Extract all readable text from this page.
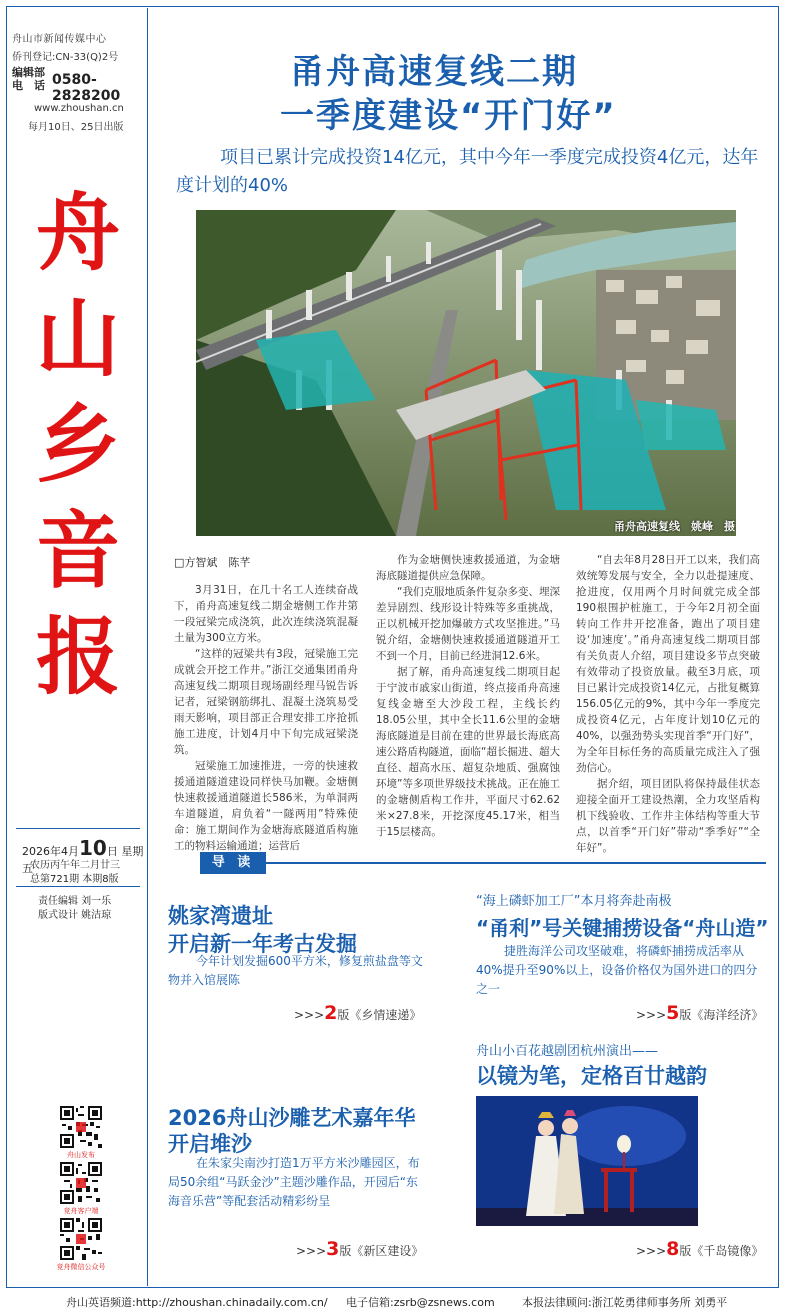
舟山市新闻传媒中心
侨刊登记:CN-33(Q)2号
编辑部
电　话 0580-2828200
www.zhoushan.cn
每月10日、25日出版
舟
山
乡
音
报
2026年4月10日 星期五
农历丙午年二月廿三
总第721期 本期8版
责任编辑 刘一乐
版式设计 姚洁琼
舟山发布
竞舟客户端
竞舟微信公众号
甬舟高速复线二期
一季度建设“开门好”
项目已累计完成投资14亿元，其中今年一季度完成投资4亿元，达年度计划的40%
甬舟高速复线　姚峰　摄
□方智斌　陈芊

3月31日，在几十名工人连续奋战下，甬舟高速复线二期金塘侧工作井第一段冠梁完成浇筑，此次连续浇筑混凝土量为300立方米。

“这样的冠梁共有3段，冠梁施工完成就会开挖工作井。”浙江交通集团甬舟高速复线二期项目现场副经理马锐告诉记者，冠梁钢筋绑扎、混凝土浇筑易受雨天影响，项目部正合理安排工序抢抓施工进度，计划4月中下旬完成冠梁浇筑。

冠梁施工加速推进，一旁的快速救援通道隧道建设同样快马加鞭。金塘侧快速救援通道隧道长586米，为单洞两车道隧道，肩负着“一隧两用”特殊使命：施工期间作为金塘海底隧道盾构施工的物料运输通道；运营后

作为金塘侧快速救援通道，为金塘海底隧道提供应急保障。

“我们克服地质条件复杂多变、埋深差异剧烈、线形设计特殊等多重挑战，正以机械开挖加爆破方式攻坚推进。”马锐介绍，金塘侧快速救援通道隧道开工不到一个月，目前已经进洞12.6米。

据了解，甬舟高速复线二期项目起于宁波市戚家山街道，终点接甬舟高速复线金塘至大沙段工程，主线长约18.05公里，其中全长11.6公里的金塘海底隧道是目前在建的世界最长海底高速公路盾构隧道，面临“超长掘进、超大直径、超高水压、超复杂地质、强腐蚀环境”等多项世界级技术挑战。正在施工的金塘侧盾构工作井，平面尺寸62.62米×27.8米，开挖深度45.17米，相当于15层楼高。

“自去年8月28日开工以来，我们高效统筹发展与安全，全力以赴提速度、抢进度，仅用两个月时间就完成全部190根围护桩施工，于今年2月初全面转向工作井开挖准备，跑出了项目建设‘加速度’。”甬舟高速复线二期项目部有关负责人介绍，项目建设多节点突破有效带动了投资放量。截至3月底，项目已累计完成投资14亿元，占批复概算156.05亿元的9%，其中今年一季度完成投资4亿元，占年度计划10亿元的40%，以强劲势头实现首季“开门好”，为全年目标任务的高质量完成注入了强劲信心。

据介绍，项目团队将保持最佳状态迎接全面开工建设热潮，全力攻坚盾构机下线验收、工作井主体结构等重大节点，以首季“开门好”带动“季季好”“全年好”。

导 读
姚家湾遗址
开启新一年考古发掘
今年计划发掘600平方米，修复煎盐盘等文物并入馆展陈
>>>2版《乡情速递》
“海上磷虾加工厂”本月将奔赴南极
“甬利”号关键捕捞设备“舟山造”
捷胜海洋公司攻坚破难，将磷虾捕捞成活率从40%提升至90%以上，设备价格仅为国外进口的四分之一
>>>5版《海洋经济》
舟山小百花越剧团杭州演出——
以镜为笔，定格百廿越韵
>>>8版《千岛镜像》
2026舟山沙雕艺术嘉年华
开启堆沙
在朱家尖南沙打造1万平方米沙雕园区，布局50余组“马跃金沙”主题沙雕作品，开园后“东海音乐营”等配套活动精彩纷呈
>>>3版《新区建设》
舟山英语频道:http://zhoushan.chinadaily.com.cn/ 电子信箱:zsrb@zsnews.com 本报法律顾问:浙江乾勇律师事务所 刘勇平
